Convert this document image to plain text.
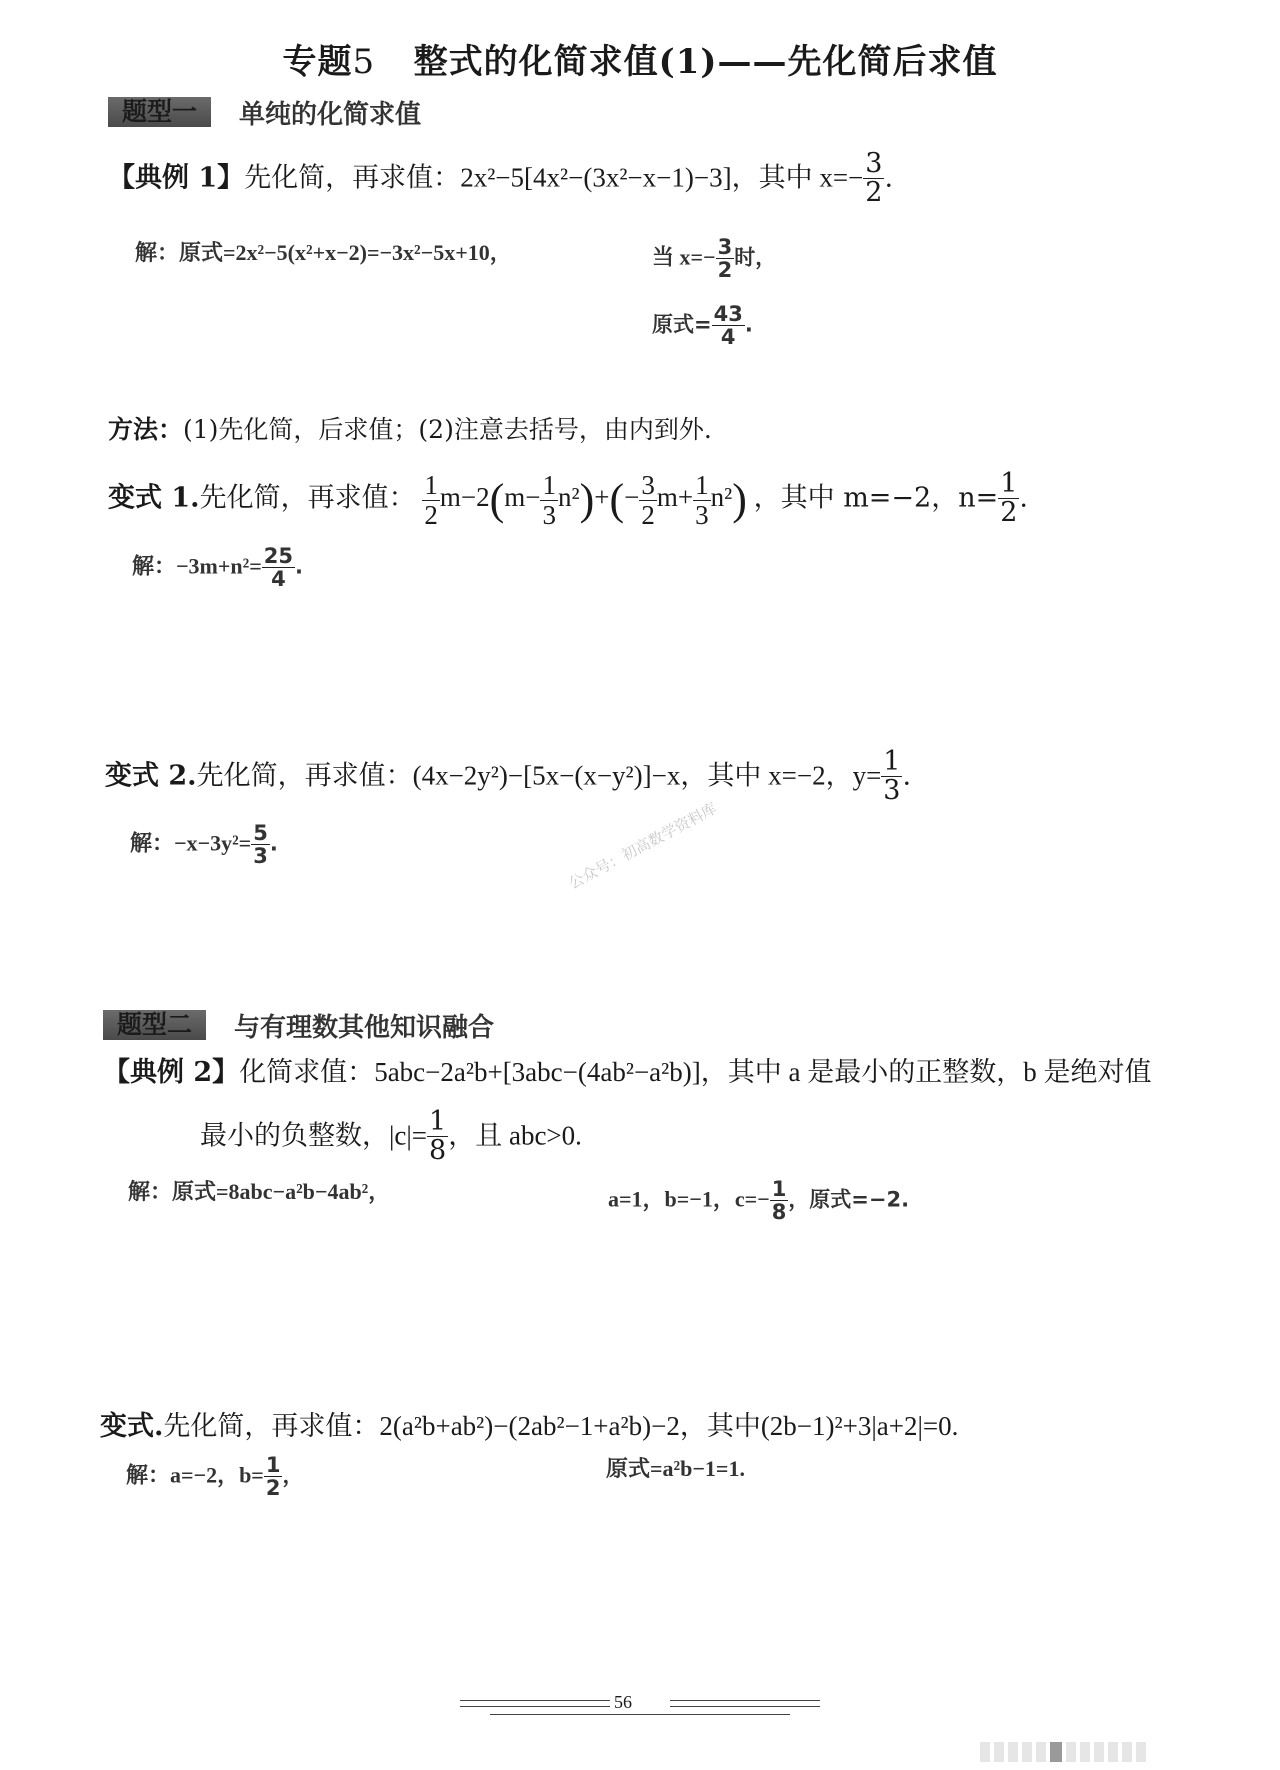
专题5 整式的化简求值(1)——先化简后求值
题型一	单纯的化简求值
【典例 1】先化简，再求值：2x²−5[4x²−(3x²−x−1)−3]，其中 $x=- \frac{3}{2}$ .
解：原式=2x²−5(x²+x−2)=−3x²−5x+10，	当 $x=- \frac{3}{2}$ 时，
原式= $\frac{43}{4}$ .
方法：(1)先化简，后求值；(2)注意去括号，由内到外.
变式 1.先化简，再求值： $\frac{1}{2} m-2(m- \frac{1}{3} n^2)+(- \frac{3}{2} m+ \frac{1}{3} n^2)$ ，其中 m=−2，$n= \frac{1}{2}$ .
解：$-3m+n^2= \frac{25}{4}$ .
变式 2.先化简，再求值：(4x−2y²)−[5x−(x−y²)]−x，其中 x=−2，$y= \frac{1}{3}$ .
解：$-x-3y^2= \frac{5}{3}$ .	公众号：初高数学资料库
题型二	与有理数其他知识融合
【典例 2】化简求值：5abc−2a²b+[3abc−(4ab²−a²b)]，其中 a 是最小的正整数，b 是绝对值
最小的负整数，$|c|= \frac{1}{8}$ ，且 abc>0.
解：原式=8abc−a²b−4ab²，	a=1，b=−1，$c=- \frac{1}{8}$ ，原式=−2.
变式.先化简，再求值：2(a²b+ab²)−(2ab²−1+a²b)−2，其中(2b−1)²+3|a+2|=0.
解：a=−2，$b= \frac{1}{2}$ ，	原式=a²b−1=1.
56
